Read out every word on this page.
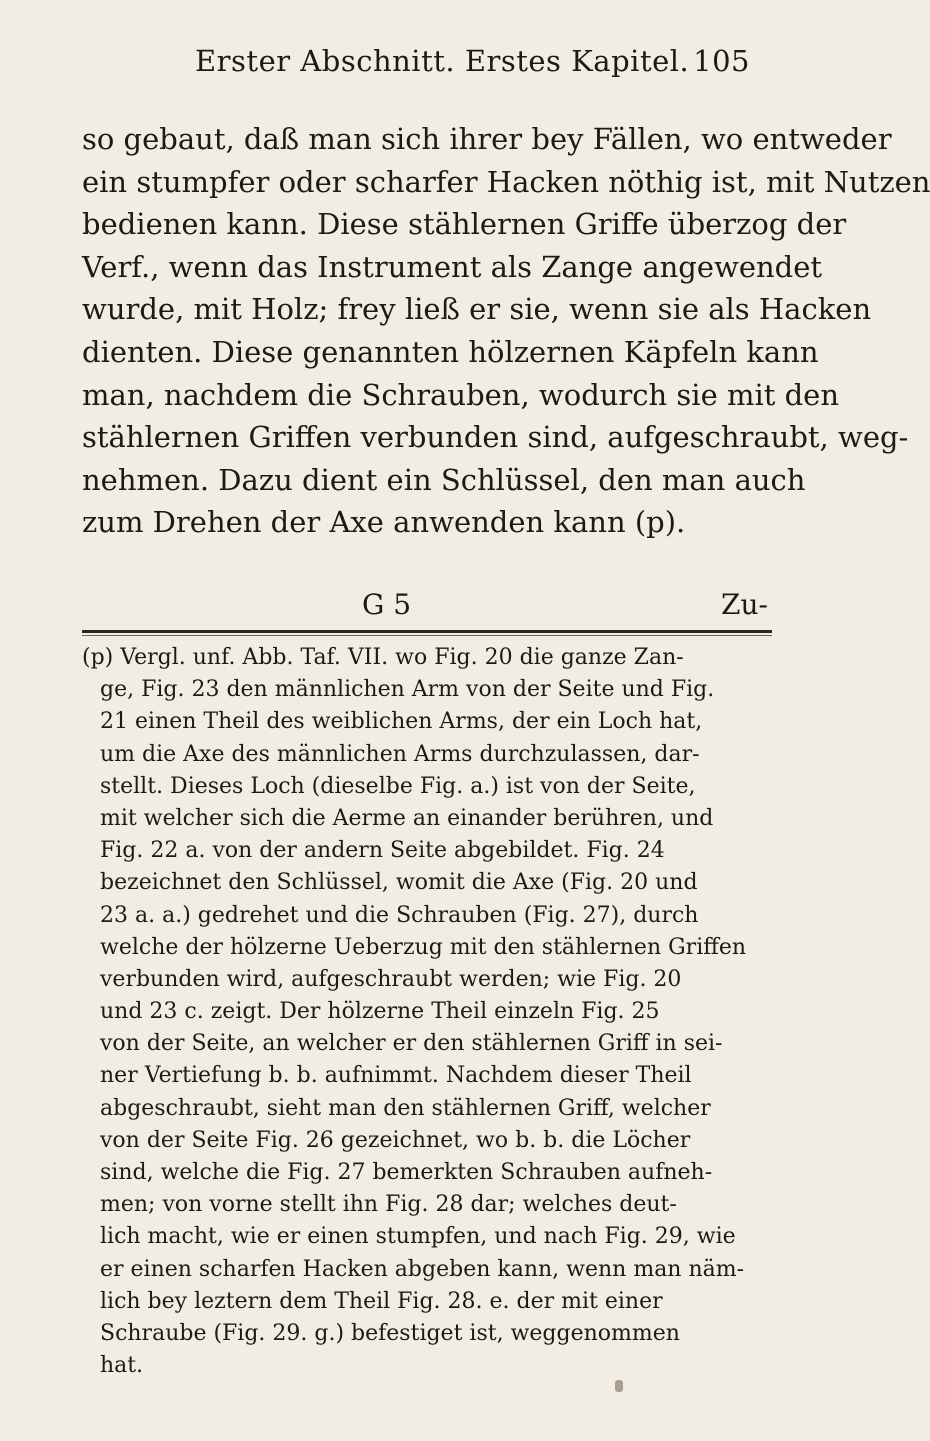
Erster Abschnitt. Erstes Kapitel. 105
so gebaut, daß man sich ihrer bey Fällen, wo entweder
ein stumpfer oder scharfer Hacken nöthig ist, mit Nutzen
bedienen kann. Diese stählernen Griffe überzog der
Verf., wenn das Instrument als Zange angewendet
wurde, mit Holz; frey ließ er sie, wenn sie als Hacken
dienten. Diese genannten hölzernen Käpfeln kann
man, nachdem die Schrauben, wodurch sie mit den
stählernen Griffen verbunden sind, aufgeschraubt, weg-
nehmen. Dazu dient ein Schlüssel, den man auch
zum Drehen der Axe anwenden kann (p).
G 5	Zu-
(p) Vergl. unf. Abb. Taf. VII. wo Fig. 20 die ganze Zan-
ge, Fig. 23 den männlichen Arm von der Seite und Fig.
21 einen Theil des weiblichen Arms, der ein Loch hat,
um die Axe des männlichen Arms durchzulassen, dar-
stellt. Dieses Loch (dieselbe Fig. a.) ist von der Seite,
mit welcher sich die Aerme an einander berühren, und
Fig. 22 a. von der andern Seite abgebildet. Fig. 24
bezeichnet den Schlüssel, womit die Axe (Fig. 20 und
23 a. a.) gedrehet und die Schrauben (Fig. 27), durch
welche der hölzerne Ueberzug mit den stählernen Griffen
verbunden wird, aufgeschraubt werden; wie Fig. 20
und 23 c. zeigt. Der hölzerne Theil einzeln Fig. 25
von der Seite, an welcher er den stählernen Griff in sei-
ner Vertiefung b. b. aufnimmt. Nachdem dieser Theil
abgeschraubt, sieht man den stählernen Griff, welcher
von der Seite Fig. 26 gezeichnet, wo b. b. die Löcher
sind, welche die Fig. 27 bemerkten Schrauben aufneh-
men; von vorne stellt ihn Fig. 28 dar; welches deut-
lich macht, wie er einen stumpfen, und nach Fig. 29, wie
er einen scharfen Hacken abgeben kann, wenn man näm-
lich bey leztern dem Theil Fig. 28. e. der mit einer
Schraube (Fig. 29. g.) befestiget ist, weggenommen
hat.
